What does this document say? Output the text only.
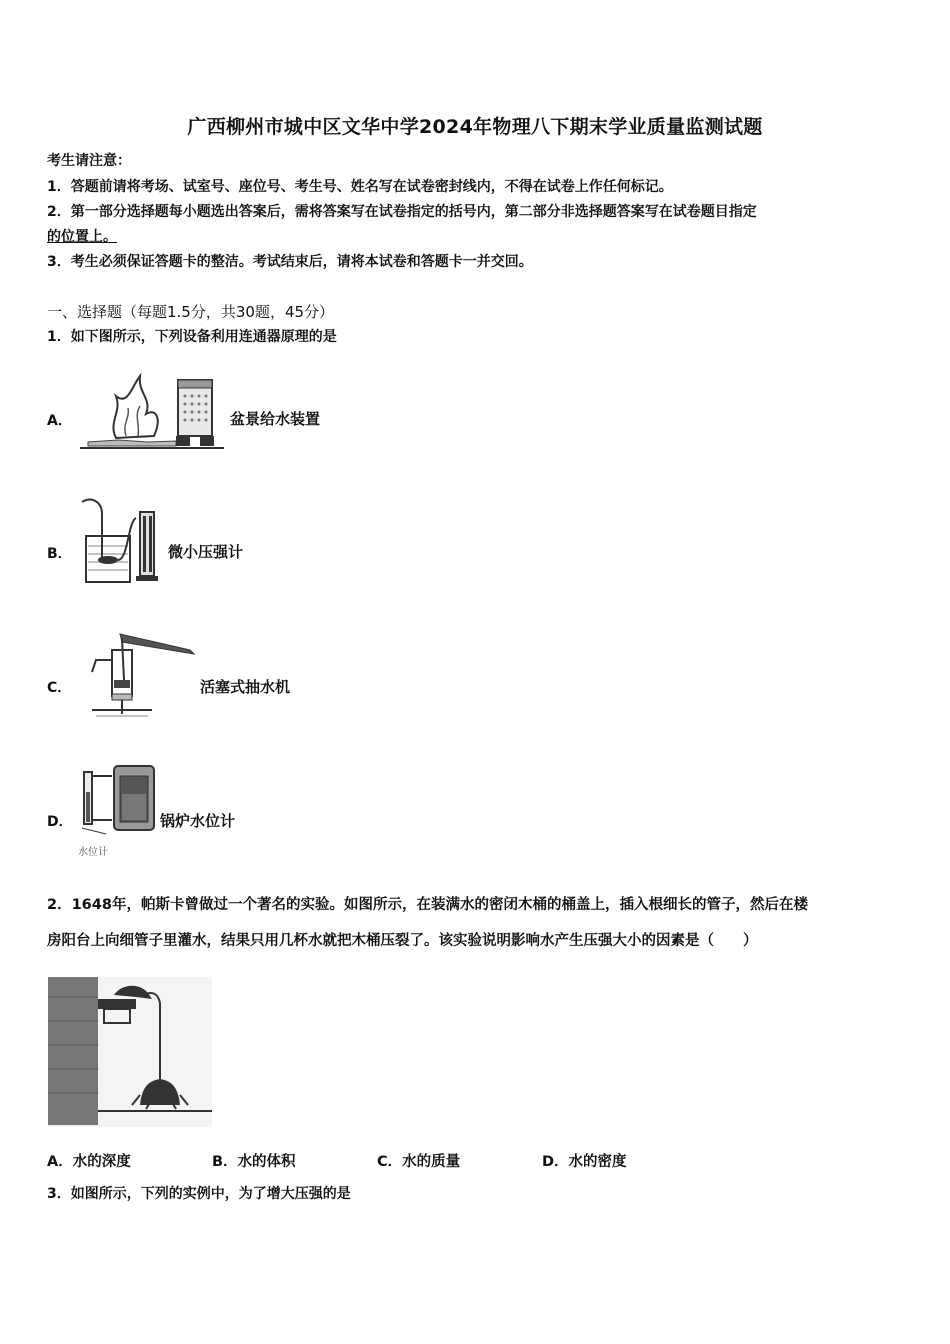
广西柳州市城中区文华中学2024年物理八下期末学业质量监测试题
考生请注意：
1．答题前请将考场、试室号、座位号、考生号、姓名写在试卷密封线内，不得在试卷上作任何标记。
2．第一部分选择题每小题选出答案后，需将答案写在试卷指定的括号内，第二部分非选择题答案写在试卷题目指定
的位置上。
3．考生必须保证答题卡的整洁。考试结束后，请将本试卷和答题卡一并交回。
一、选择题（每题1.5分，共30题，45分）
1．如下图所示，下列设备利用连通器原理的是
A．	盆景给水装置
B．	微小压强计
C．	活塞式抽水机
D．
水位计
锅炉水位计
2．1648年，帕斯卡曾做过一个著名的实验。如图所示，在装满水的密闭木桶的桶盖上，插入根细长的管子，然后在楼
房阳台上向细管子里灌水，结果只用几杯水就把木桶压裂了。该实验说明影响水产生压强大小的因素是（　　）
A．水的深度	B．水的体积	C．水的质量	D．水的密度
3．如图所示，下列的实例中，为了增大压强的是
